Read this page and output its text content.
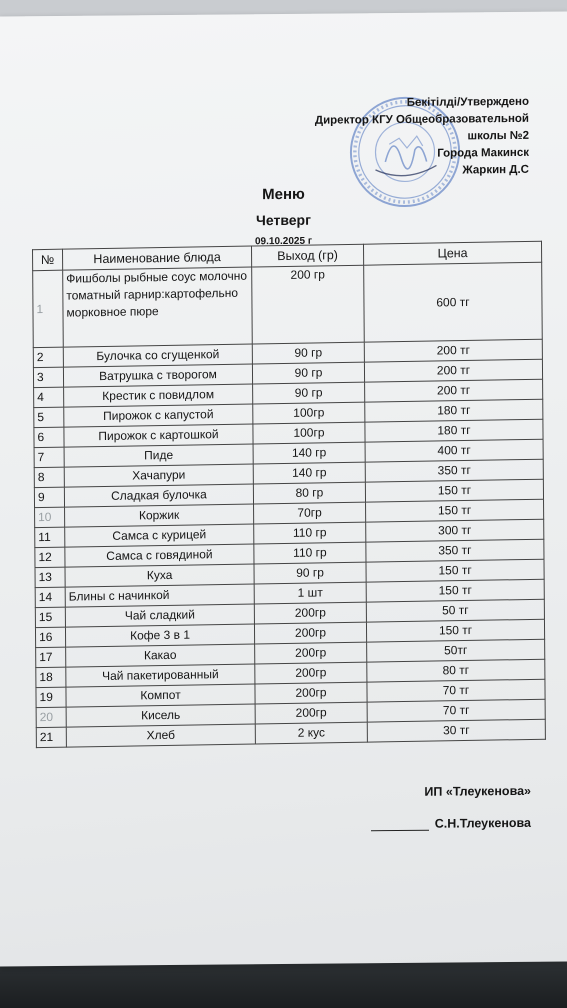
Бекітілді/Утверждено
Директор КГУ Общеобразовательной
школы №2
Города Макинск
Жаркин Д.С
Меню
Четверг
09.10.2025 г
№	Наименование блюда	Выход (гр)	Цена
1	Фишболы рыбные соус молочно томатный гарнир:картофельно морковное пюре	200 гр	600 тг
2	Булочка со сгущенкой	90 гр	200 тг
3	Ватрушка с творогом	90 гр	200 тг
4	Крестик с повидлом	90 гр	200 тг
5	Пирожок с капустой	100гр	180 тг
6	Пирожок с картошкой	100гр	180 тг
7	Пиде	140 гр	400 тг
8	Хачапури	140 гр	350 тг
9	Сладкая булочка	80 гр	150 тг
10	Коржик	70гр	150 тг
11	Самса с курицей	110 гр	300 тг
12	Самса с говядиной	110 гр	350 тг
13	Куха	90 гр	150 тг
14	Блины с начинкой	1 шт	150 тг
15	Чай сладкий	200гр	50 тг
16	Кофе 3 в 1	200гр	150 тг
17	Какао	200гр	50тг
18	Чай пакетированный	200гр	80 тг
19	Компот	200гр	70 тг
20	Кисель	200гр	70 тг
21	Хлеб	2 кус	30 тг
ИП «Тлеукенова»
С.Н.Тлеукенова
